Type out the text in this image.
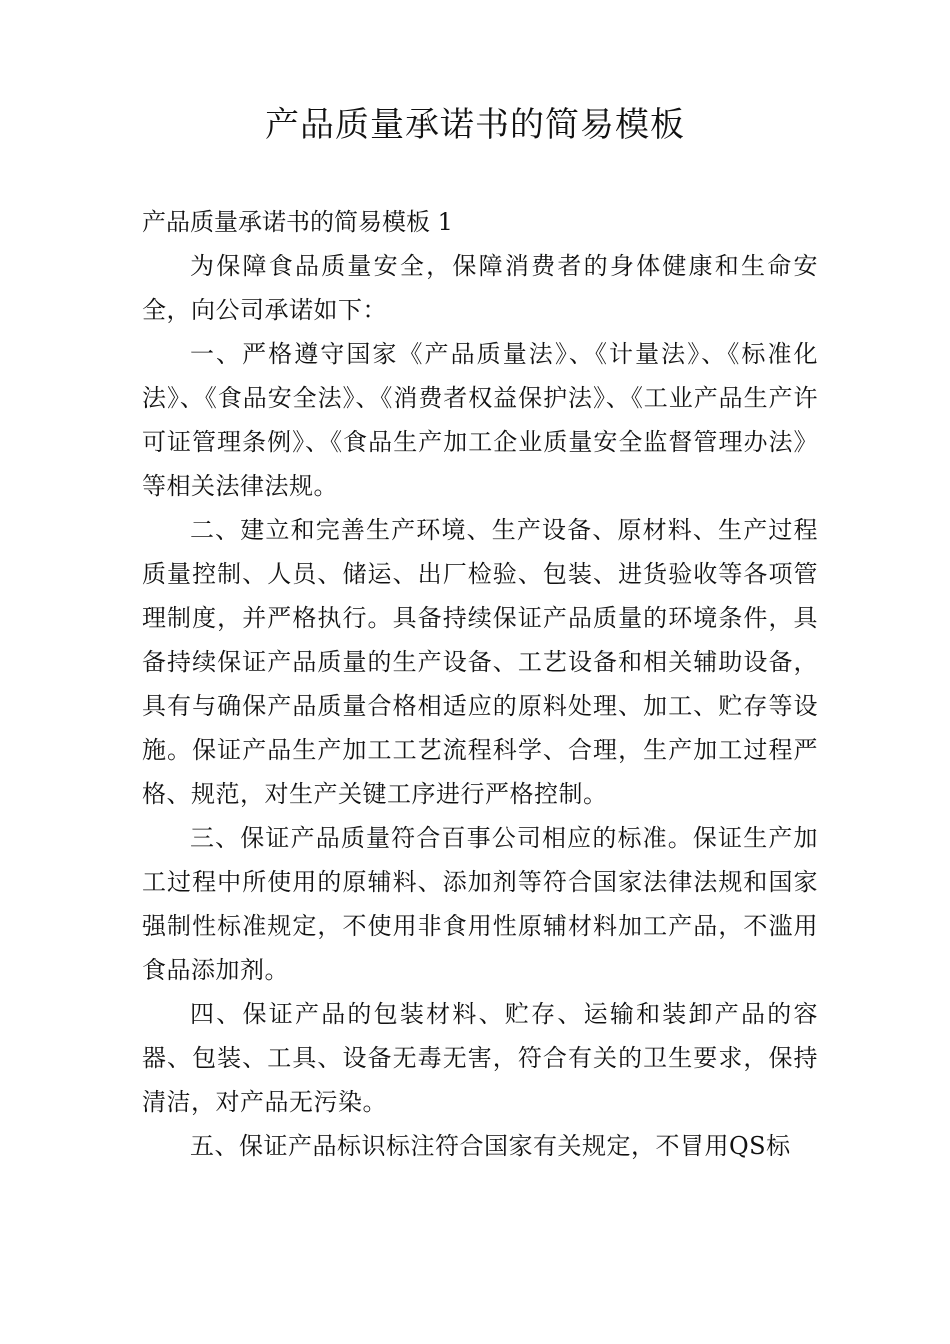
产品质量承诺书的简易模板

产品质量承诺书的简易模板 1

为保障食品质量安全，保障消费者的身体健康和生命安全，向公司承诺如下：

一、严格遵守国家《产品质量法》、《计量法》、《标准化法》、《食品安全法》、《消费者权益保护法》、《工业产品生产许可证管理条例》、《食品生产加工企业质量安全监督管理办法》等相关法律法规。

二、建立和完善生产环境、生产设备、原材料、生产过程质量控制、人员、储运、出厂检验、包装、进货验收等各项管理制度，并严格执行。具备持续保证产品质量的环境条件，具备持续保证产品质量的生产设备、工艺设备和相关辅助设备，具有与确保产品质量合格相适应的原料处理、加工、贮存等设施。保证产品生产加工工艺流程科学、合理，生产加工过程严格、规范，对生产关键工序进行严格控制。

三、保证产品质量符合百事公司相应的标准。保证生产加工过程中所使用的原辅料、添加剂等符合国家法律法规和国家强制性标准规定，不使用非食用性原辅材料加工产品，不滥用食品添加剂。

四、保证产品的包装材料、贮存、运输和装卸产品的容器、包装、工具、设备无毒无害，符合有关的卫生要求，保持清洁，对产品无污染。

五、保证产品标识标注符合国家有关规定，不冒用QS标
